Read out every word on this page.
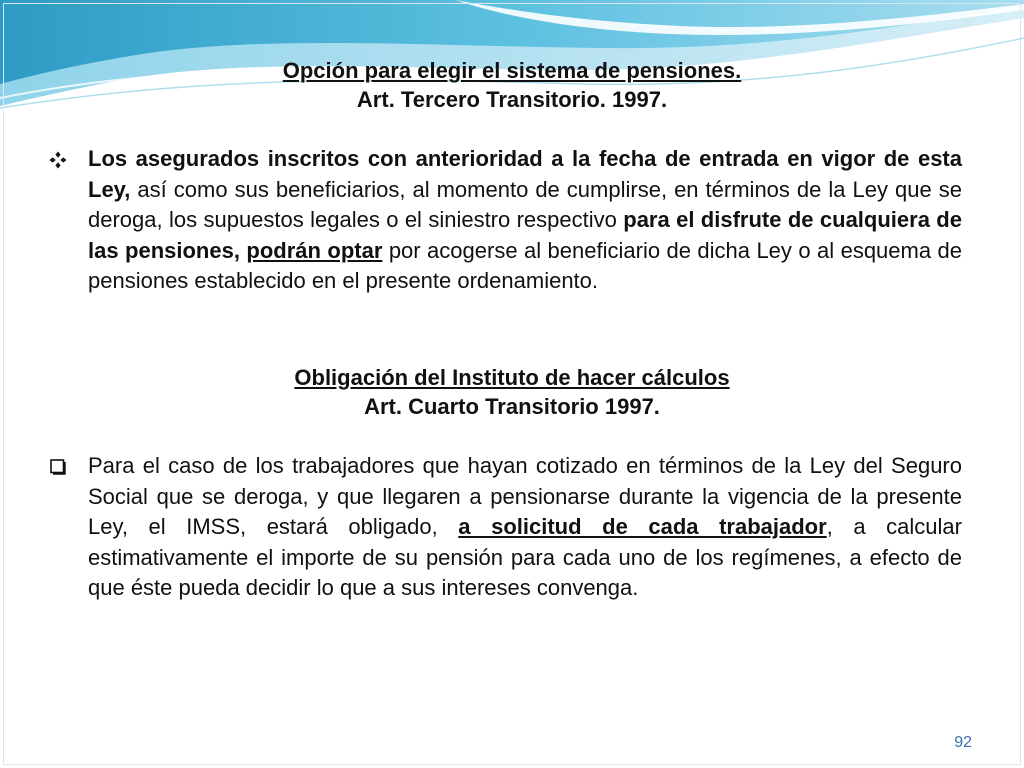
Opción para elegir el sistema de pensiones.
Art. Tercero Transitorio. 1997.
Los asegurados inscritos con anterioridad a la fecha de entrada en vigor de esta Ley, así como sus beneficiarios, al momento de cumplirse, en términos de la Ley que se deroga, los supuestos legales o el siniestro respectivo para el disfrute de cualquiera de las pensiones, podrán optar por acogerse al beneficiario de dicha Ley o al esquema de pensiones establecido en el presente ordenamiento.
Obligación del Instituto de hacer cálculos
Art. Cuarto Transitorio 1997.
Para el caso de los trabajadores que hayan cotizado en términos de la Ley del Seguro Social que se deroga, y que llegaren a pensionarse durante la vigencia de la presente Ley, el IMSS, estará obligado, a solicitud de cada trabajador, a calcular estimativamente el importe de su pensión para cada uno de los regímenes, a efecto de que éste pueda decidir lo que a sus intereses convenga.
92
